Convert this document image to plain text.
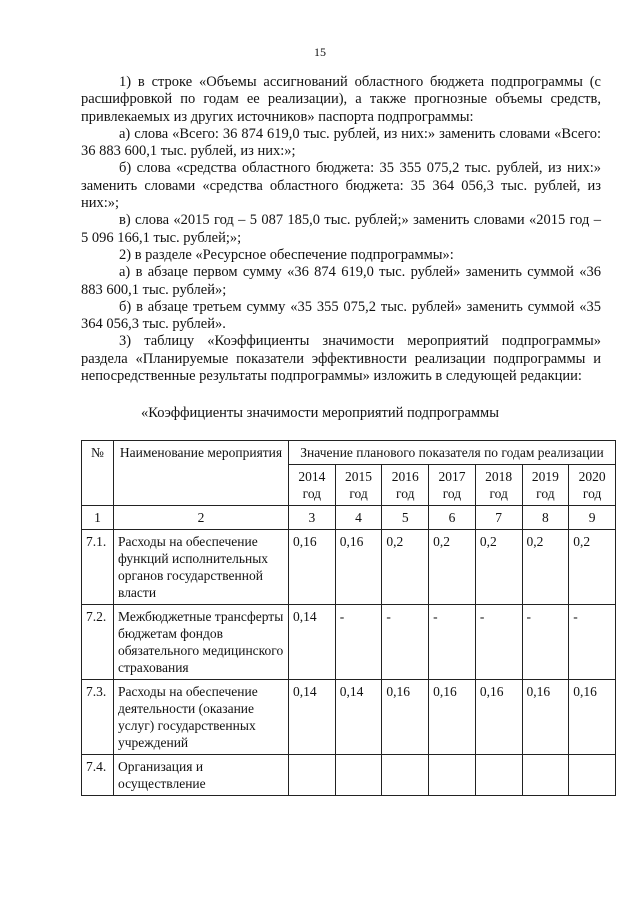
15

1) в строке «Объемы ассигнований областного бюджета подпрограммы (с расшифровкой по годам ее реализации), а также прогнозные объемы средств, привлекаемых из других источников» паспорта подпрограммы:

а) слова «Всего: 36 874 619,0 тыс. рублей, из них:» заменить словами «Всего: 36 883 600,1 тыс. рублей, из них:»;

б) слова «средства областного бюджета: 35 355 075,2 тыс. рублей, из них:» заменить словами «средства областного бюджета: 35 364 056,3 тыс. рублей, из них:»;

в) слова «2015 год – 5 087 185,0 тыс. рублей;» заменить словами «2015 год – 5 096 166,1 тыс. рублей;»;

2) в разделе «Ресурсное обеспечение подпрограммы»:

а) в абзаце первом сумму «36 874 619,0 тыс. рублей» заменить суммой «36 883 600,1 тыс. рублей»;

б) в абзаце третьем сумму «35 355 075,2 тыс. рублей» заменить суммой «35 364 056,3 тыс. рублей».

3) таблицу «Коэффициенты значимости мероприятий подпрограммы» раздела «Планируемые показатели эффективности реализации подпрограммы и непосредственные результаты подпрограммы» изложить в следующей редакции:

«Коэффициенты значимости мероприятий подпрограммы
№	Наименование мероприятия	Значение планового показателя по годам реализации						
		2014 год	2015 год	2016 год	2017 год	2018 год	2019 год	2020 год
1	2	3	4	5	6	7	8	9
7.1.	Расходы на обеспечение функций исполнительных органов государственной власти	0,16	0,16	0,2	0,2	0,2	0,2	0,2
7.2.	Межбюджетные трансферты бюджетам фондов обязательного медицинского страхования	0,14	-	-	-	-	-	-
7.3.	Расходы на обеспечение деятельности (оказание услуг) государственных учреждений	0,14	0,14	0,16	0,16	0,16	0,16	0,16
7.4.	Организация и осуществление							
